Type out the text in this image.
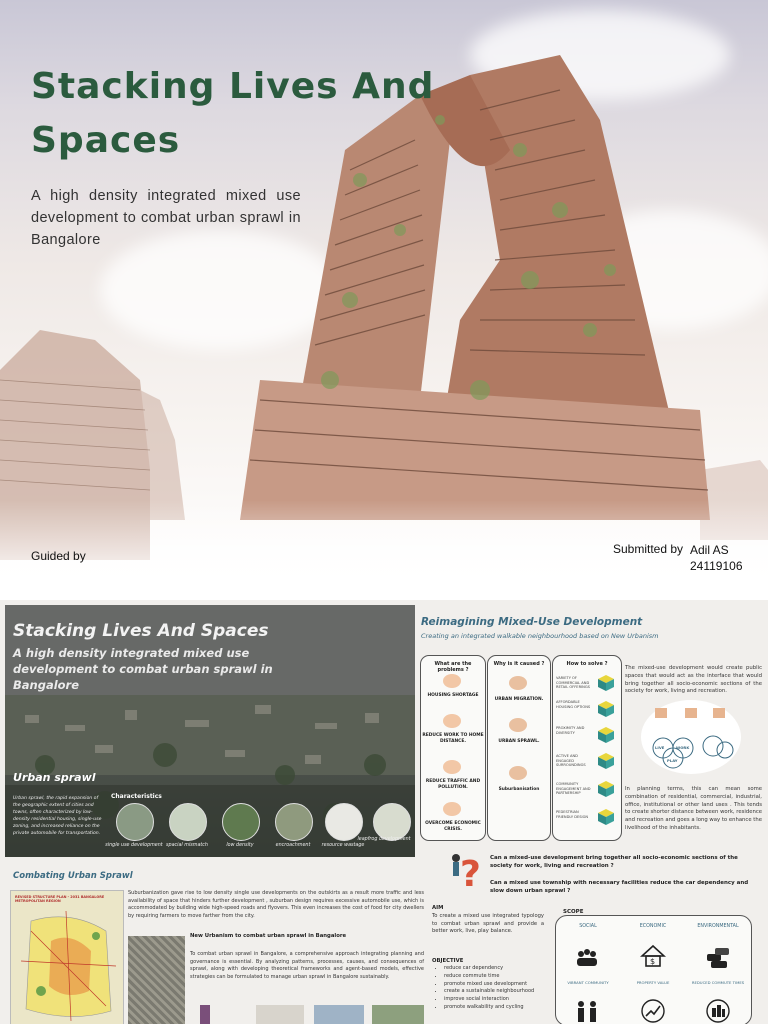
Stacking Lives And
Spaces
A high density integrated mixed use development to combat urban sprawl in Bangalore
Guided by	Submitted by Adil AS
24119106
Stacking Lives And Spaces
A high density integrated mixed use development to combat urban sprawl in Bangalore
Urban sprawl
Urban sprawl, the rapid expansion of the geographic extent of cities and towns, often characterized by low-density residential housing, single-use zoning, and increased reliance on the private automobile for transportation.
Characteristics
single use development spacial mismatch	low density	encroachment	resource wastage
leapfrog development
Combating Urban Sprawl
REVISED STRUCTURE PLAN - 2031 BANGALORE METROPOLITAN REGION
Suburbanization gave rise to low density single use developments on the outskirts as a result more traffic and less availability of space that hinders further development , suburban design requires excessive automobile use, which is accommodated by building wide high-speed roads and flyovers. This even increases the cost of food for city dwellers by requiring farmers to move farther from the city.
New Urbanism to combat urban sprawl in Bangalore
To combat urban sprawl in Bangalore, a comprehensive approach integrating planning and governance is essential. By analyzing patterns, processes, causes, and consequences of sprawl, along with developing theoretical frameworks and agent-based models, effective strategies can be formulated to manage urban sprawl in Bangalore sustainably.
Reimagining Mixed-Use Development
Creating an integrated walkable neighbourhood based on New Urbanism
What are the problems ?
HOUSING SHORTAGE
REDUCE WORK TO HOME DISTANCE.
REDUCE TRAFFIC AND POLLUTION.
OVERCOME ECONOMIC CRISIS.
Why is it caused ?
URBAN MIGRATION.
URBAN SPRAWL.
Suburbanisation
How to solve ?
VARIETY OF COMMERCIAL AND RETAIL OFFERINGS
AFFORDABLE HOUSING OPTIONS
PROXIMITY AND DIVERSITY
ACTIVE AND ENGAGED SURROUNDINGS
COMMUNITY ENGAGEMENT AND PARTNERSHIP
PEDESTRIAN FRIENDLY DESIGN
The mixed-use development would create public spaces that would act as the interface that would bring together all socio-economic sections of the society for work, living and recreation.
LIVE	WORK
PLAY
In planning terms, this can mean some combination of residential, commercial, industrial, office, institutional or other land uses . This tends to create shorter distance between work, residence and recreation and goes a long way to enhance the livelihood of the inhabitants.
? Can a mixed-use development bring together all socio-economic sections of the society for work, living and recreation ?
Can a mixed use township with necessary facilities reduce the car dependency and slow down urban sprawl ?
AIM
To create a mixed use integrated typology to combat urban sprawl and provide a better work, live, play balance.
OBJECTIVE
• reduce car dependency
• reduce commute time
• promote mixed use development
• create a sustainable neighbourhood
• improve social interaction
• promote walkability and cycling
SOCIAL	ECONOMIC	ENVIRONMENTAL
$
VIBRANT COMMUNITY	PROPERTY VALUE	REDUCED COMMUTE TIMES
SCOPE
